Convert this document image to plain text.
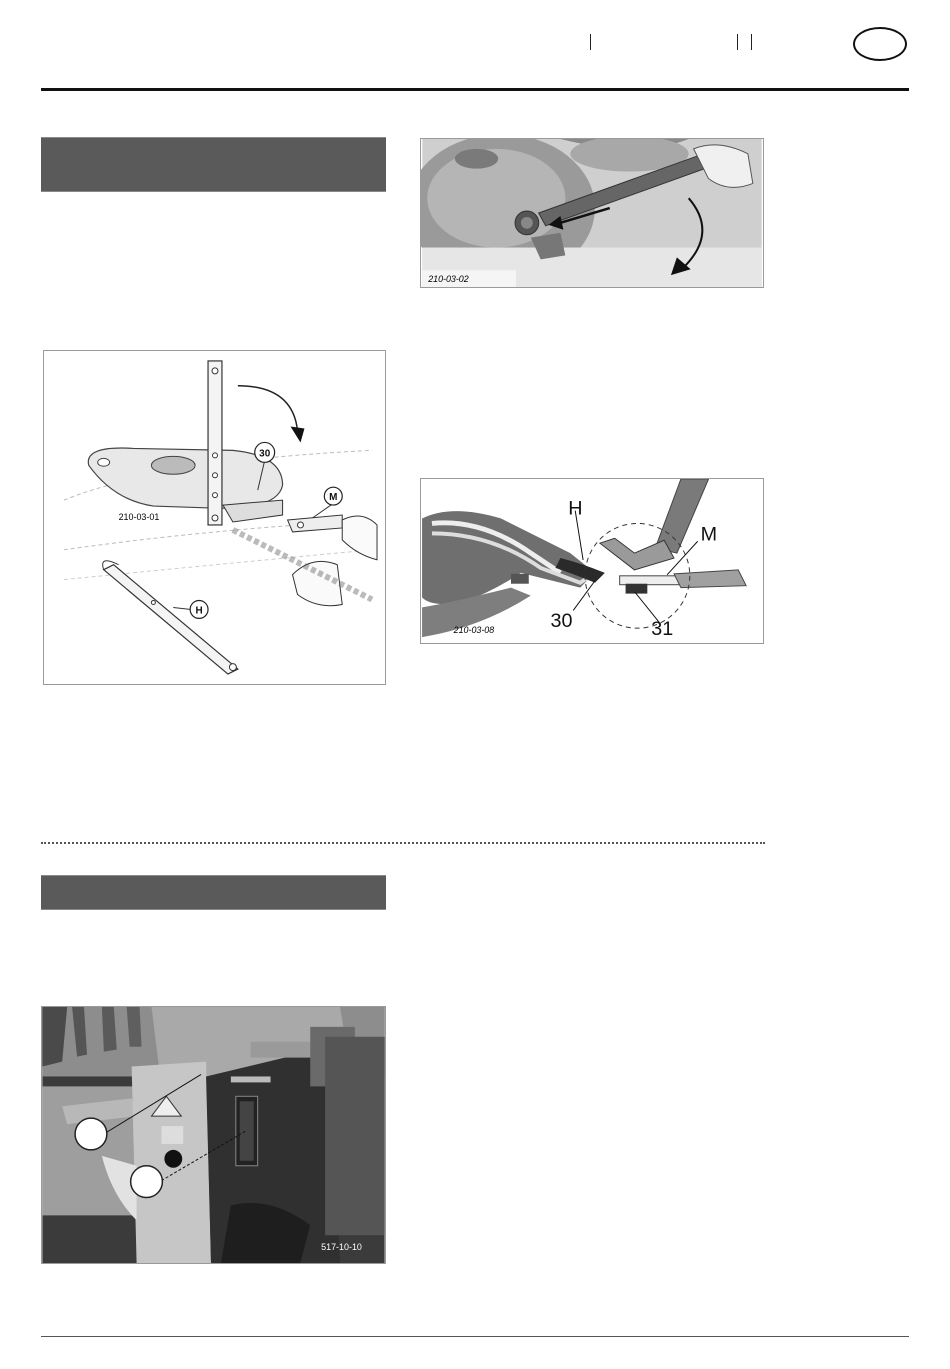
30
M
H
210-03-01
210-03-02
H
M
30	31
210-03-08
517-10-10
